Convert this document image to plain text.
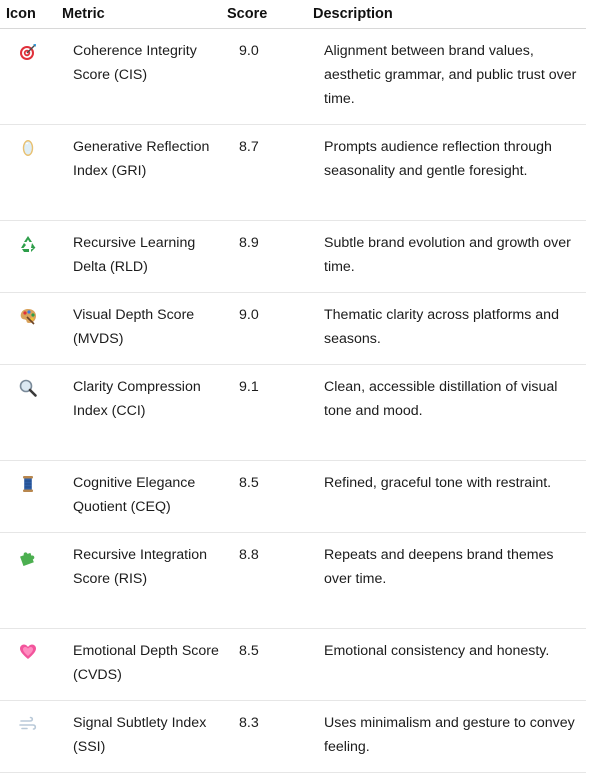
Icon	Metric	Score	Description

	Coherence Integrity Score (CIS)	9.0	Alignment between brand values, aesthetic grammar, and public trust over time.

	Generative Reflection Index (GRI)	8.7	Prompts audience reflection through seasonality and gentle foresight.

	Recursive Learning Delta (RLD)	8.9	Subtle brand evolution and growth over time.

	Visual Depth Score (MVDS)	9.0	Thematic clarity across platforms and seasons.

	Clarity Compression Index (CCI)	9.1	Clean, accessible distillation of visual tone and mood.

	Cognitive Elegance Quotient (CEQ)	8.5	Refined, graceful tone with restraint.

	Recursive Integration Score (RIS)	8.8	Repeats and deepens brand themes over time.

	Emotional Depth Score (CVDS)	8.5	Emotional consistency and honesty.

	Signal Subtlety Index (SSI)	8.3	Uses minimalism and gesture to convey feeling.
